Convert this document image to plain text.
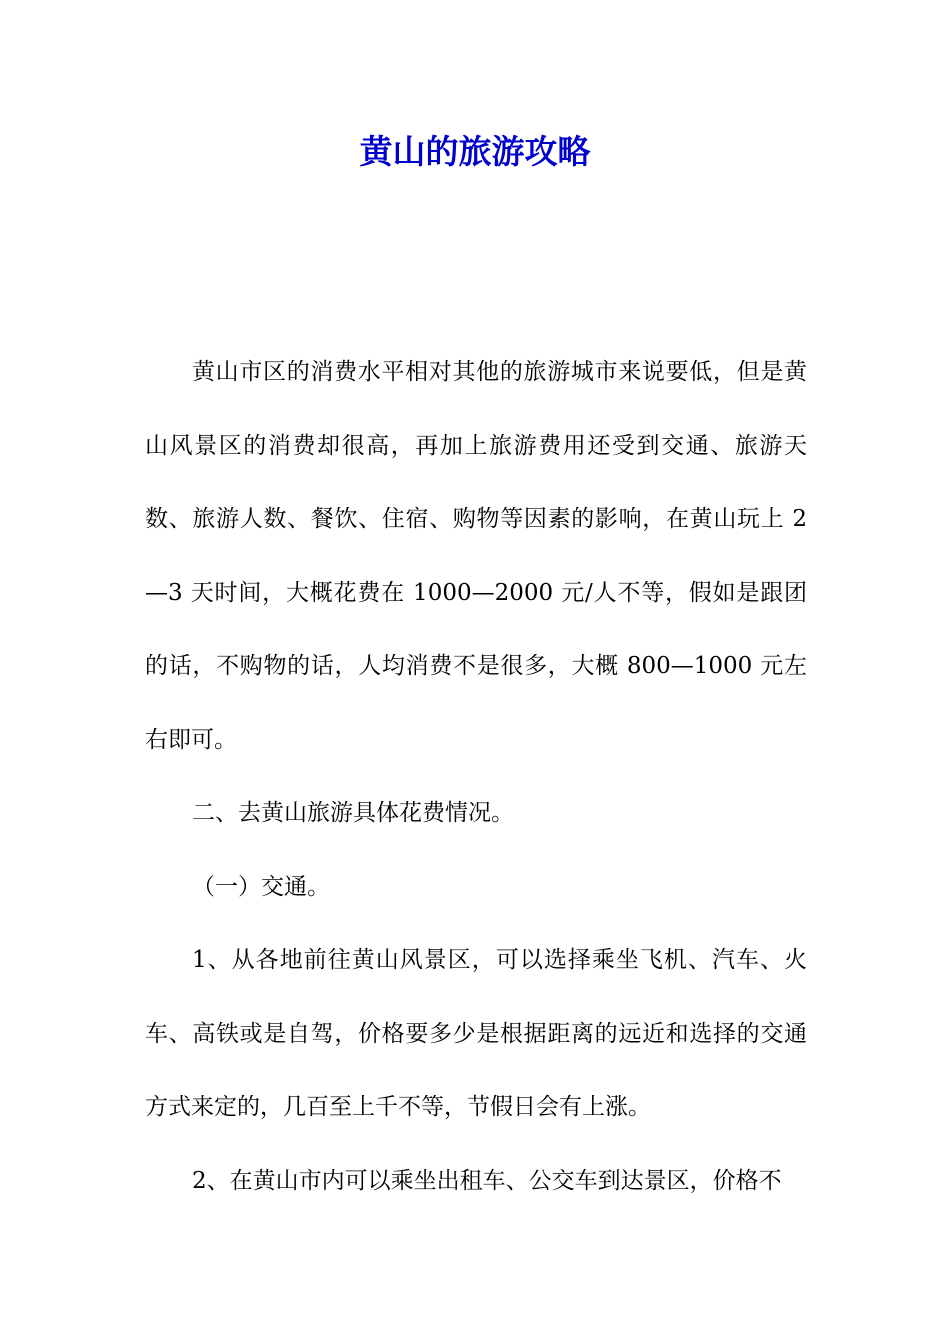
黄山的旅游攻略

黄山市区的消费水平相对其他的旅游城市来说要低，但是黄山风景区的消费却很高，再加上旅游费用还受到交通、旅游天数、旅游人数、餐饮、住宿、购物等因素的影响，在黄山玩上 2—3 天时间，大概花费在 1000—2000 元/人不等，假如是跟团的话，不购物的话，人均消费不是很多，大概 800—1000 元左右即可。

二、去黄山旅游具体花费情况。

（一）交通。

1、从各地前往黄山风景区，可以选择乘坐飞机、汽车、火车、高铁或是自驾，价格要多少是根据距离的远近和选择的交通方式来定的，几百至上千不等，节假日会有上涨。

2、在黄山市内可以乘坐出租车、公交车到达景区，价格不
